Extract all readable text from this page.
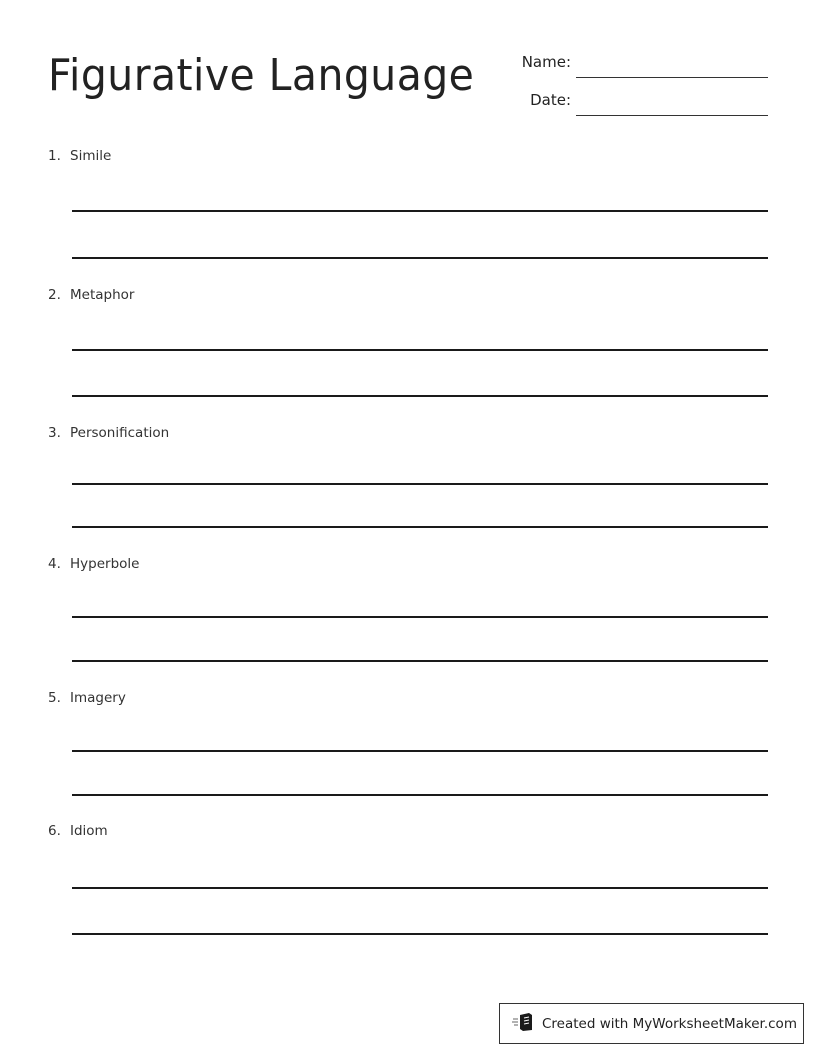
Figurative Language	Name:
Date:
1. Simile
2. Metaphor
3. Personification
4. Hyperbole
5. Imagery
6. Idiom
Created with MyWorksheetMaker.com
